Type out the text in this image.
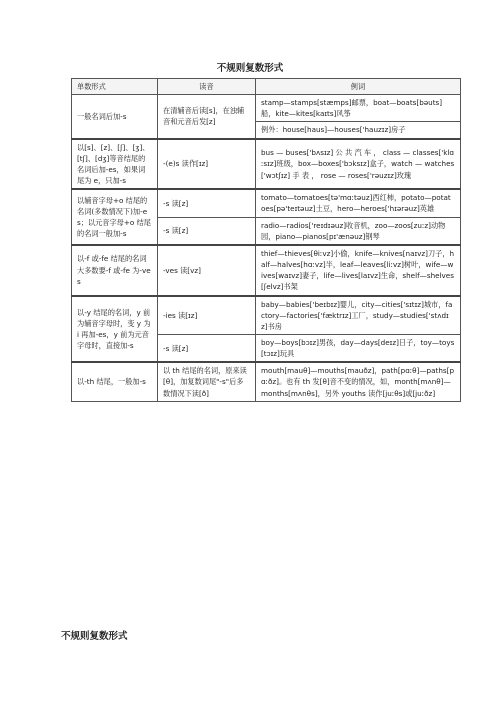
不规则复数形式
单数形式	读音	例词
一般名词后加-s	在清辅音后读[s]，在浊辅音和元音后发[z]	stamp—stamps[stæmps]邮票，boat—boats[bəuts]船，kite—kites[kaɪts]风筝
		例外：house[haus]—houses['hauzɪz]房子
以[s]、[z]、[ʃ]、[ʒ]、[tʃ]、[dʒ]等音结尾的名词后加-es，如果词尾为 e，只加-s	-(e)s 读作[ɪz]	bus — buses['bʌsɪz] 公 共 汽 车 ， class — classes['klɑːsɪz]班级，box—boxes['bɔksɪz]盒子，watch — watches['wɔtʃɪz] 手 表 ， rose — roses['rəuzɪz]玫瑰
以辅音字母+o 结尾的名词(多数情况下)加-es；以元音字母+o 结尾的名词一般加-s	-s 读[z]	tomato—tomatoes[tə'mɑːtəuz]西红柿，potato—potatoes[pə'teɪtəuz]土豆，hero—heroes['hɪərəuz]英雄
	-s 读[z]	radio—radios['reɪdɪəuz]收音机，zoo—zoos[zuːz]动物园，piano—pianos[pɪ'ænəuz]钢琴
以-f 或-fe 结尾的名词大多数要-f 或-fe 为-ves	-ves 读[vz]	thief—thieves[θiːvz]小偷，knife—knives[naɪvz]刀子，half—halves[hɑːvz]半，leaf—leaves[liːvz]树叶，wife—wives[waɪvz]妻子，life—lives[laɪvz]生命，shelf—shelves[ʃelvz]书架
以-y 结尾的名词，y 前为辅音字母时，变 y 为 i 再加-es，y 前为元音字母时，直接加-s	-ies 读[ɪz]	baby—babies['beɪbɪz]婴儿，city—cities['sɪtɪz]城市，factory—factories['fæktrɪz]工厂，study—studies['stʌdɪz]书房
	-s 读[z]	boy—boys[bɔɪz]男孩，day—days[deɪz]日子，toy—toys[tɔɪz]玩具
以-th 结尾，一般加-s	以 th 结尾的名词，原来读[θ]，加复数词尾"-s"后多数情况下读[ð]	mouth[mauθ]—mouths[mauðz]，path[pɑːθ]—paths[pɑːðz]。也有 th 发[θ]音不变的情况，如，month[mʌnθ]—months[mʌnθs]，另外 youths 读作[juːθs]或[juːðz]
不规则复数形式
